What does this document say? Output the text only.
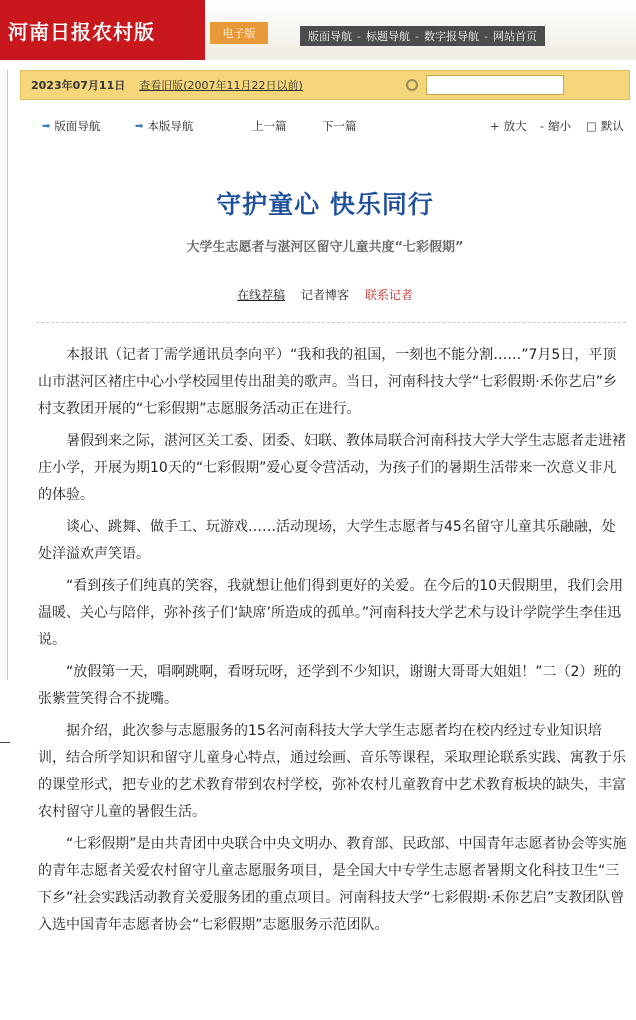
河南日报农村版	电子版	版面导航 - 标题导航 - 数字报导航 - 网站首页
2023年07月11日 查看旧版(2007年11月22日以前)
➡ 版面导航	➡ 本版导航	上一篇	下一篇	+ 放大 - 缩小 □ 默认
守护童心 快乐同行
大学生志愿者与湛河区留守儿童共度“七彩假期”
在线荐稿 记者博客 联系记者

本报讯（记者丁需学通讯员李向平）“我和我的祖国，一刻也不能分割……”7月5日，平顶山市湛河区褚庄中心小学校园里传出甜美的歌声。当日，河南科技大学“七彩假期·禾你艺启”乡村支教团开展的“七彩假期”志愿服务活动正在进行。

暑假到来之际，湛河区关工委、团委、妇联、教体局联合河南科技大学大学生志愿者走进褚庄小学，开展为期10天的“七彩假期”爱心夏令营活动，为孩子们的暑期生活带来一次意义非凡的体验。

谈心、跳舞、做手工、玩游戏……活动现场，大学生志愿者与45名留守儿童其乐融融，处处洋溢欢声笑语。

“看到孩子们纯真的笑容，我就想让他们得到更好的关爱。在今后的10天假期里，我们会用温暖、关心与陪伴，弥补孩子们‘缺席’所造成的孤单。”河南科技大学艺术与设计学院学生李佳迅说。

“放假第一天，唱啊跳啊，看呀玩呀，还学到不少知识，谢谢大哥哥大姐姐！”二（2）班的张紫萱笑得合不拢嘴。

据介绍，此次参与志愿服务的15名河南科技大学大学生志愿者均在校内经过专业知识培训，结合所学知识和留守儿童身心特点，通过绘画、音乐等课程，采取理论联系实践、寓教于乐的课堂形式，把专业的艺术教育带到农村学校，弥补农村儿童教育中艺术教育板块的缺失，丰富农村留守儿童的暑假生活。

“七彩假期”是由共青团中央联合中央文明办、教育部、民政部、中国青年志愿者协会等实施的青年志愿者关爱农村留守儿童志愿服务项目，是全国大中专学生志愿者暑期文化科技卫生“三下乡”社会实践活动教育关爱服务团的重点项目。河南科技大学“七彩假期·禾你艺启”支教团队曾入选中国青年志愿者协会“七彩假期”志愿服务示范团队。
